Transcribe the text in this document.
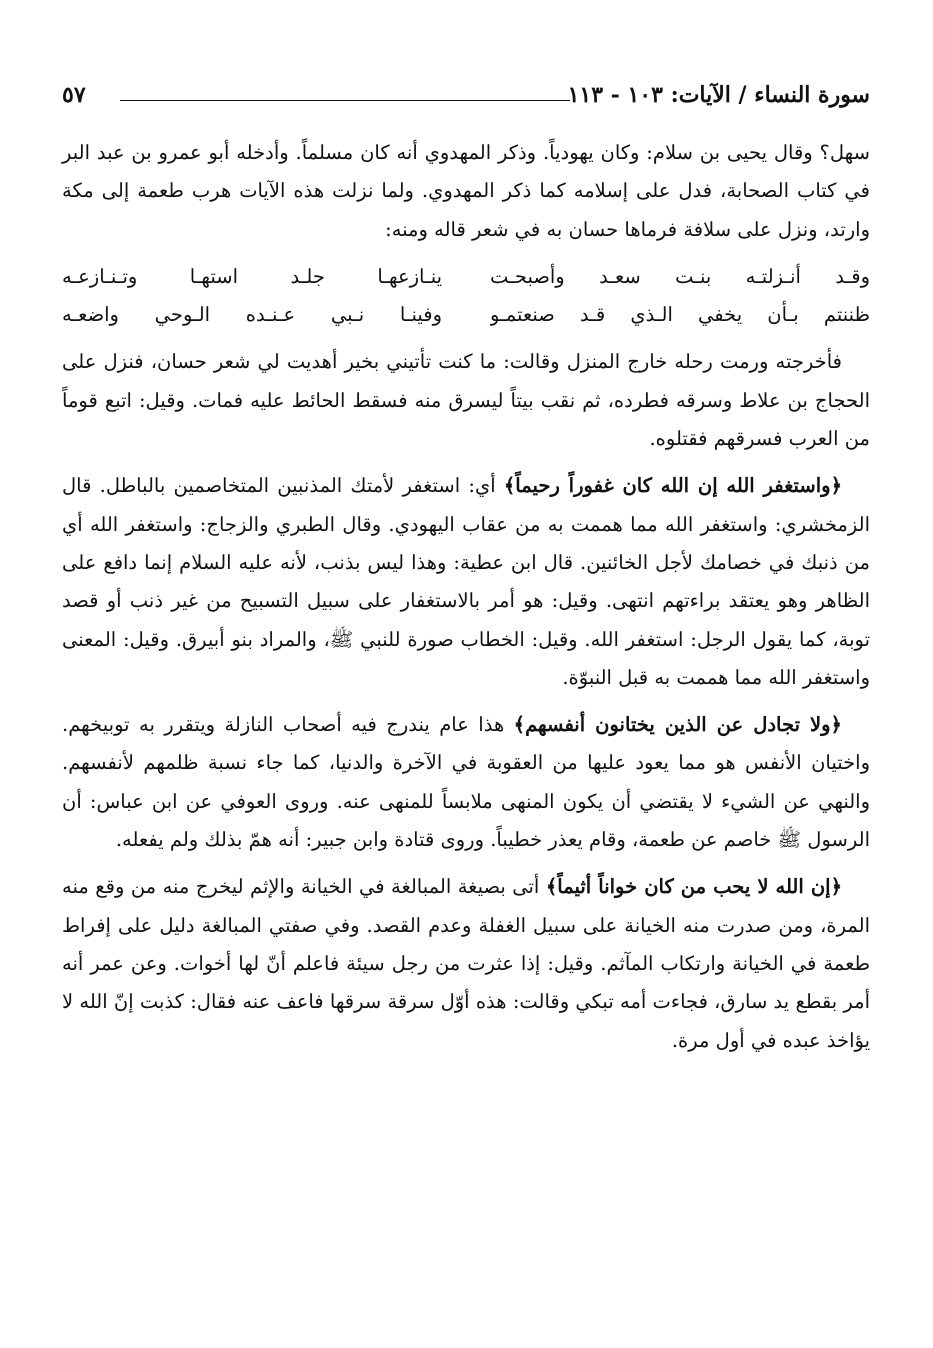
سورة النساء / الآيات: ١٠٣ - ١١٣
٥٧

سهل؟ وقال يحيى بن سلام: وكان يهودياً. وذكر المهدوي أنه كان مسلماً. وأدخله أبو عمرو بن عبد البر في كتاب الصحابة، فدل على إسلامه كما ذكر المهدوي. ولما نزلت هذه الآيات هرب طعمة إلى مكة وارتد، ونزل على سلافة فرماها حسان به في شعر قاله ومنه:

وقـد أنـزلتـه بنـت سعـد وأصبحـت
ينـازعهـا جلـد استهـا وتـنـازعـه
ظننتم بـأن يخفي الـذي قـد صنعتمـو
وفينـا نـبي عـنـده الـوحي واضعـه

فأخرجته ورمت رحله خارج المنزل وقالت: ما كنت تأتيني بخير أهديت لي شعر حسان، فنزل على الحجاج بن علاط وسرقه فطرده، ثم نقب بيتاً ليسرق منه فسقط الحائط عليه فمات. وقيل: اتبع قوماً من العرب فسرقهم فقتلوه.

﴿واستغفر الله إن الله كان غفوراً رحيماً﴾ أي: استغفر لأمتك المذنبين المتخاصمين بالباطل. قال الزمخشري: واستغفر الله مما هممت به من عقاب اليهودي. وقال الطبري والزجاج: واستغفر الله أي من ذنبك في خصامك لأجل الخائنين. قال ابن عطية: وهذا ليس بذنب، لأنه عليه السلام إنما دافع على الظاهر وهو يعتقد براءتهم انتهى. وقيل: هو أمر بالاستغفار على سبيل التسبيح من غير ذنب أو قصد توبة، كما يقول الرجل: استغفر الله. وقيل: الخطاب صورة للنبي ﷺ، والمراد بنو أبيرق. وقيل: المعنى واستغفر الله مما هممت به قبل النبوّة.

﴿ولا تجادل عن الذين يختانون أنفسهم﴾ هذا عام يندرج فيه أصحاب النازلة ويتقرر به توبيخهم. واختيان الأنفس هو مما يعود عليها من العقوبة في الآخرة والدنيا، كما جاء نسبة ظلمهم لأنفسهم. والنهي عن الشيء لا يقتضي أن يكون المنهى ملابساً للمنهى عنه. وروى العوفي عن ابن عباس: أن الرسول ﷺ خاصم عن طعمة، وقام يعذر خطيباً. وروى قتادة وابن جبير: أنه همّ بذلك ولم يفعله.

﴿إن الله لا يحب من كان خواناً أثيماً﴾ أتى بصيغة المبالغة في الخيانة والإثم ليخرج منه من وقع منه المرة، ومن صدرت منه الخيانة على سبيل الغفلة وعدم القصد. وفي صفتي المبالغة دليل على إفراط طعمة في الخيانة وارتكاب المآثم. وقيل: إذا عثرت من رجل سيئة فاعلم أنّ لها أخوات. وعن عمر أنه أمر بقطع يد سارق، فجاءت أمه تبكي وقالت: هذه أوّل سرقة سرقها فاعف عنه فقال: كذبت إنّ الله لا يؤاخذ عبده في أول مرة.
